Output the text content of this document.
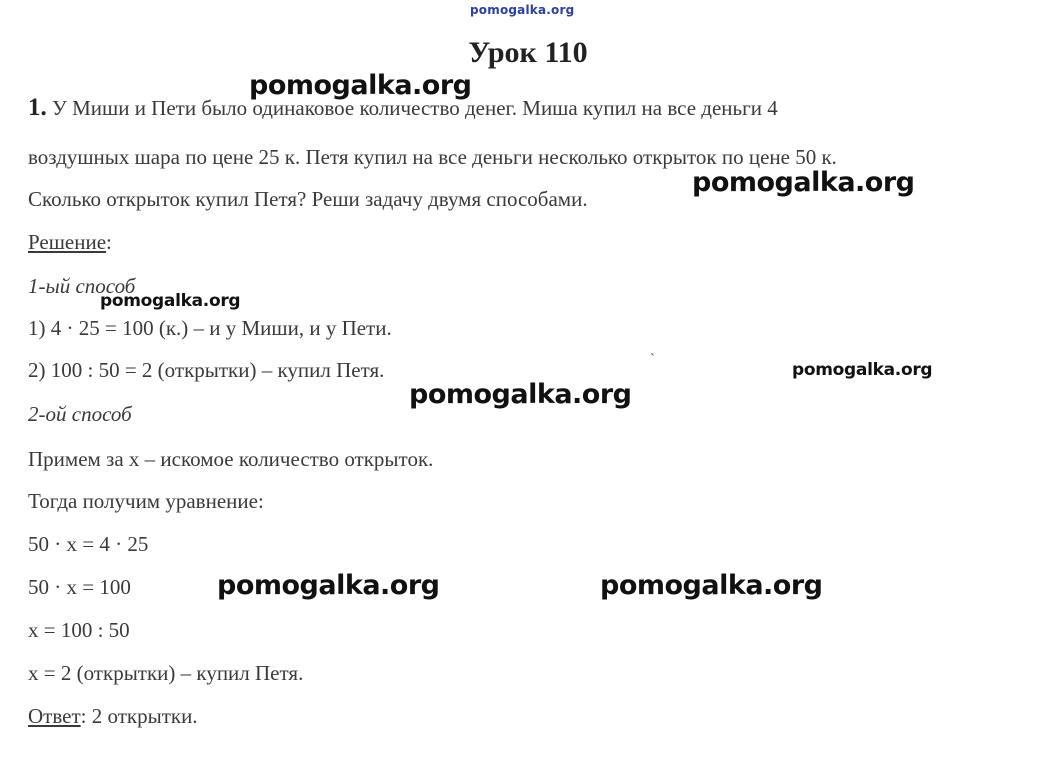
pomogalka.org
Урок 110
1. У Миши и Пети было одинаковое количество денег. Миша купил на все деньги 4
воздушных шара по цене 25 к. Петя купил на все деньги несколько открыток по цене 50 к.
Сколько открыток купил Петя? Реши задачу двумя способами.
Решение:
1-ый способ
1) 4 · 25 = 100 (к.) – и у Миши, и у Пети.
2) 100 : 50 = 2 (открытки) – купил Петя.
2-ой способ
Примем за х – искомое количество открыток.
Тогда получим уравнение:
50 · х = 4 · 25
50 · х = 100
х = 100 : 50
х = 2 (открытки) – купил Петя.
Ответ: 2 открытки.
`
pomogalka.org
pomogalka.org
pomogalka.org
pomogalka.org
pomogalka.org
pomogalka.org	pomogalka.org
